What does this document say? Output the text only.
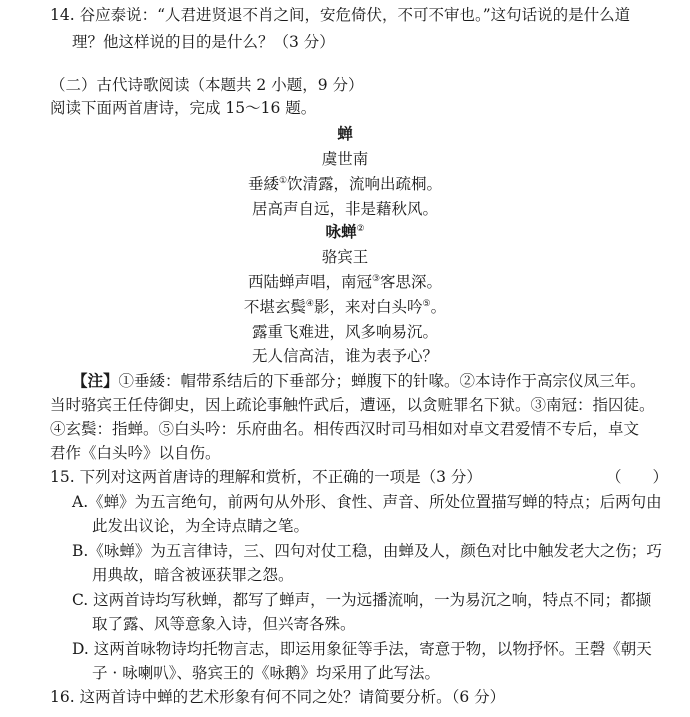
14. 谷应泰说：“人君进贤退不肖之间，安危倚伏，不可不审也。”这句话说的是什么道
理？他这样说的目的是什么？（3 分）
（二）古代诗歌阅读（本题共 2 小题，9 分）
阅读下面两首唐诗，完成 15～16 题。
蝉
虞世南
垂緌①饮清露，流响出疏桐。
居高声自远，非是藉秋风。
咏蝉②
骆宾王
西陆蝉声唱，南冠③客思深。
不堪玄鬓④影，来对白头吟⑤。
露重飞难进，风多响易沉。
无人信高洁，谁为表予心？
【注】①垂緌：帽带系结后的下垂部分；蝉腹下的针喙。②本诗作于高宗仪凤三年。
当时骆宾王任侍御史，因上疏论事触忤武后，遭诬，以贪赃罪名下狱。③南冠：指囚徒。
④玄鬓：指蝉。⑤白头吟：乐府曲名。相传西汉时司马相如对卓文君爱情不专后，卓文
君作《白头吟》以自伤。
15. 下列对这两首唐诗的理解和赏析，不正确的一项是（3 分）	（　　）
A.《蝉》为五言绝句，前两句从外形、食性、声音、所处位置描写蝉的特点；后两句由
此发出议论，为全诗点睛之笔。
B.《咏蝉》为五言律诗，三、四句对仗工稳，由蝉及人，颜色对比中触发老大之伤；巧
用典故，暗含被诬获罪之怨。
C. 这两首诗均写秋蝉，都写了蝉声，一为远播流响，一为易沉之响，特点不同；都撷
取了露、风等意象入诗，但兴寄各殊。
D. 这两首咏物诗均托物言志，即运用象征等手法，寄意于物，以物抒怀。王磬《朝天
子 · 咏喇叭》、骆宾王的《咏鹅》均采用了此写法。
16. 这两首诗中蝉的艺术形象有何不同之处？请简要分析。（6 分）
